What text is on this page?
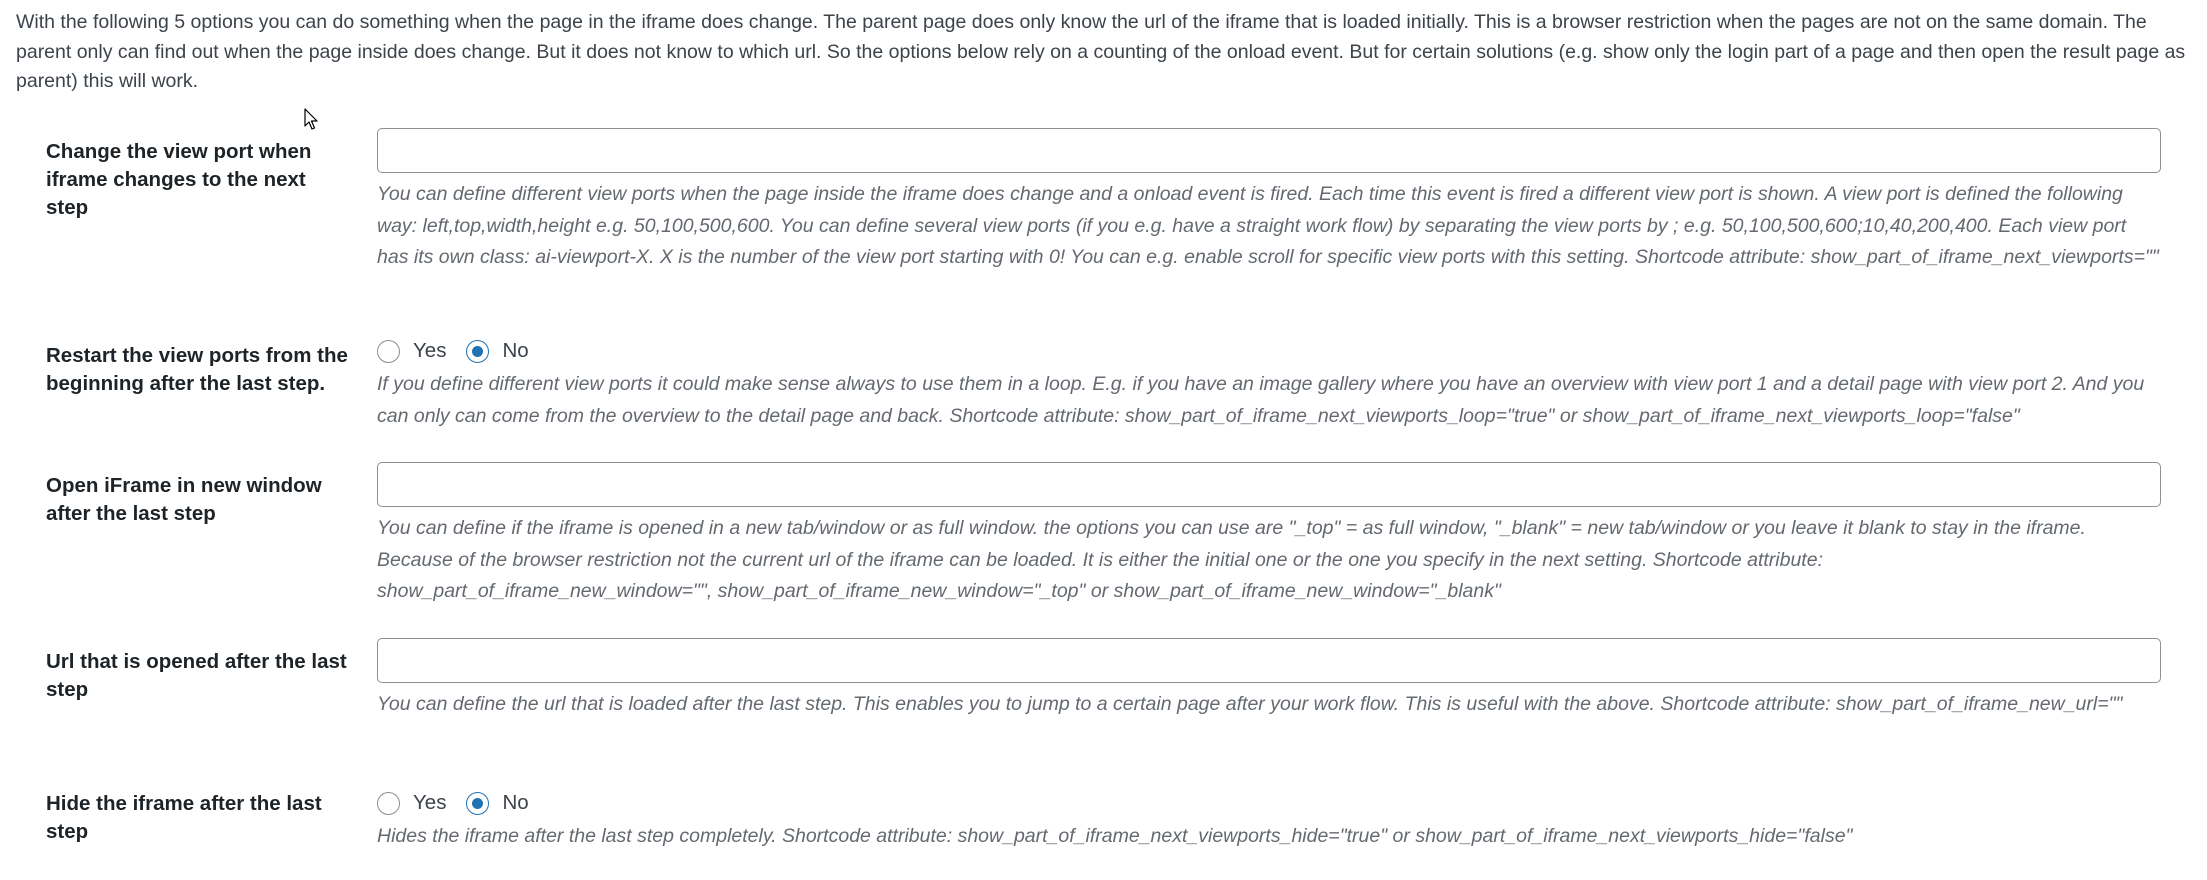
With the following 5 options you can do something when the page in the iframe does change. The parent page does only know the url of the iframe that is loaded initially. This is a browser restriction when the pages are not on the same domain. The parent only can find out when the page inside does change. But it does not know to which url. So the options below rely on a counting of the onload event. But for certain solutions (e.g. show only the login part of a page and then open the result page as parent) this will work.

Change the view port when iframe changes to the next step

You can define different view ports when the page inside the iframe does change and a onload event is fired. Each time this event is fired a different view port is shown. A view port is defined the following way: left,top,width,height e.g. 50,100,500,600. You can define several view ports (if you e.g. have a straight work flow) by separating the view ports by ; e.g. 50,100,500,600;10,40,200,400. Each view port has its own class: ai-viewport-X. X is the number of the view port starting with 0! You can e.g. enable scroll for specific view ports with this setting. Shortcode attribute: show_part_of_iframe_next_viewports=""

Restart the view ports from the beginning after the last step.
Yes	No

If you define different view ports it could make sense always to use them in a loop. E.g. if you have an image gallery where you have an overview with view port 1 and a detail page with view port 2. And you can only can come from the overview to the detail page and back. Shortcode attribute: show_part_of_iframe_next_viewports_loop="true" or show_part_of_iframe_next_viewports_loop="false"

Open iFrame in new window after the last step

You can define if the iframe is opened in a new tab/window or as full window. the options you can use are "_top" = as full window, "_blank" = new tab/window or you leave it blank to stay in the iframe. Because of the browser restriction not the current url of the iframe can be loaded. It is either the initial one or the one you specify in the next setting. Shortcode attribute: show_part_of_iframe_new_window="", show_part_of_iframe_new_window="_top" or show_part_of_iframe_new_window="_blank"

Url that is opened after the last step

You can define the url that is loaded after the last step. This enables you to jump to a certain page after your work flow. This is useful with the above. Shortcode attribute: show_part_of_iframe_new_url=""

Hide the iframe after the last step
Yes	No

Hides the iframe after the last step completely. Shortcode attribute: show_part_of_iframe_next_viewports_hide="true" or show_part_of_iframe_next_viewports_hide="false"
